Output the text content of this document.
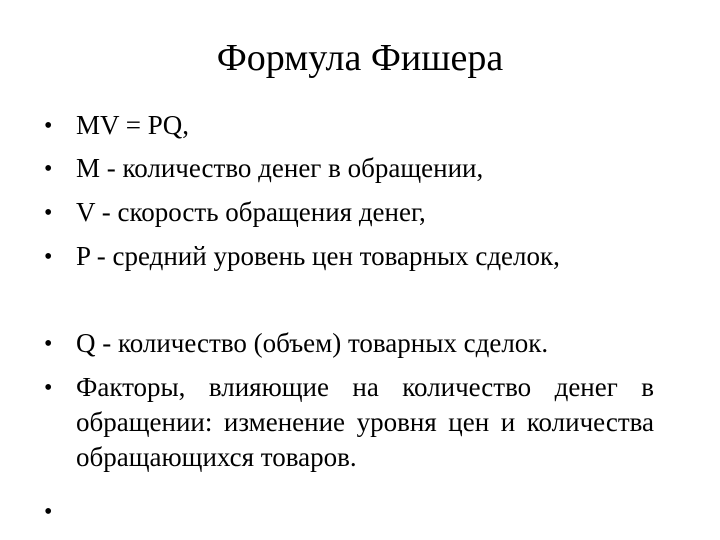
Формула Фишера
• MV = PQ,
• M - количество денег в обращении,
• V - скорость обращения денег,
• P - средний уровень цен товарных сделок,
• Q - количество (объем) товарных сделок.
• Факторы, влияющие на количество денег в обращении: изменение уровня цен и количества обращающихся товаров.
•
